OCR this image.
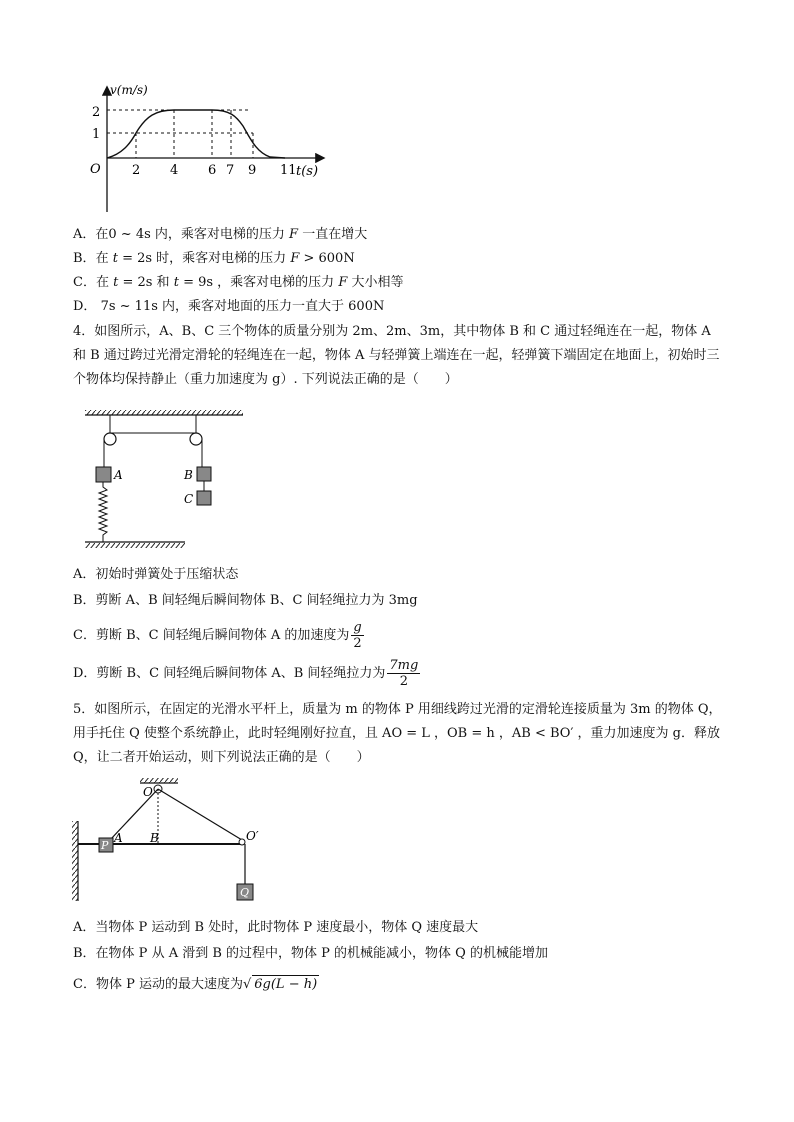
v(m/s)
t(s)
O
2
1
2 4 6 7 9 11
A．在0 ~ 4s 内，乘客对电梯的压力 F 一直在增大
B．在 t = 2s 时，乘客对电梯的压力 F > 600N
C．在 t = 2s 和 t = 9s ，乘客对电梯的压力 F 大小相等
D． 7s ~ 11s 内，乘客对地面的压力一直大于 600N
4．如图所示，A、B、C 三个物体的质量分别为 2m、2m、3m，其中物体 B 和 C 通过轻绳连在一起，物体 A 和 B 通过跨过光滑定滑轮的轻绳连在一起，物体 A 与轻弹簧上端连在一起，轻弹簧下端固定在地面上，初始时三个物体均保持静止（重力加速度为 g）. 下列说法正确的是（　　）
A	B
C
A．初始时弹簧处于压缩状态
B．剪断 A、B 间轻绳后瞬间物体 B、C 间轻绳拉力为 3mg
C．剪断 B、C 间轻绳后瞬间物体 A 的加速度为 $\frac{g}{2}$
D．剪断 B、C 间轻绳后瞬间物体 A、B 间轻绳拉力为 $\frac{7mg}{2}$
5．如图所示，在固定的光滑水平杆上，质量为 m 的物体 P 用细线跨过光滑的定滑轮连接质量为 3m 的物体 Q，用手托住 Q 使整个系统静止，此时轻绳刚好拉直，且 AO = L ，OB = h ，AB < BO′ ，重力加速度为 g．释放 Q，让二者开始运动，则下列说法正确的是（　　）
O
B
A	O′
P
Q
A．当物体 P 运动到 B 处时，此时物体 P 速度最小，物体 Q 速度最大
B．在物体 P 从 A 滑到 B 的过程中，物体 P 的机械能减小，物体 Q 的机械能增加
C．物体 P 运动的最大速度为√ 6g(L − h)
